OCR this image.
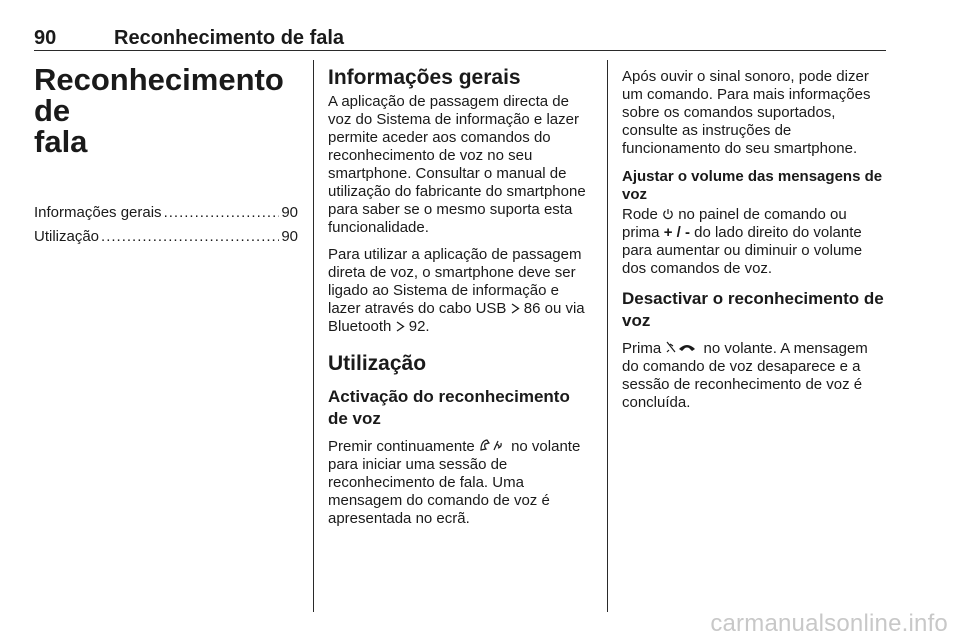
90	Reconhecimento de fala
Reconhecimento de
fala
Informações gerais .....	90
Utilização .....	90
Informações gerais

A aplicação de passagem directa de voz do Sistema de informação e lazer permite aceder aos comandos do reconhecimento de voz no seu smartphone. Consultar o manual de utilização do fabricante do smartphone para saber se o mesmo suporta esta funcionalidade.

Para utilizar a aplicação de passagem direta de voz, o smartphone deve ser ligado ao Sistema de informação e lazer através do cabo USB  86 ou via Bluetooth  92.

Utilização
Activação do reconhecimento de voz

Premir continuamente  no volante para iniciar uma sessão de reconhecimento de fala. Uma mensagem do comando de voz é apresentada no ecrã.

Após ouvir o sinal sonoro, pode dizer um comando. Para mais informações sobre os comandos suportados, consulte as instruções de funcionamento do seu smartphone.

Ajustar o volume das mensagens de voz

Rode  no painel de comando ou prima + / - do lado direito do volante para aumentar ou diminuir o volume dos comandos de voz.

Desactivar o reconhecimento de voz

Prima  no volante. A mensagem do comando de voz desaparece e a sessão de reconhecimento de voz é concluída.

carmanualsonline.info
